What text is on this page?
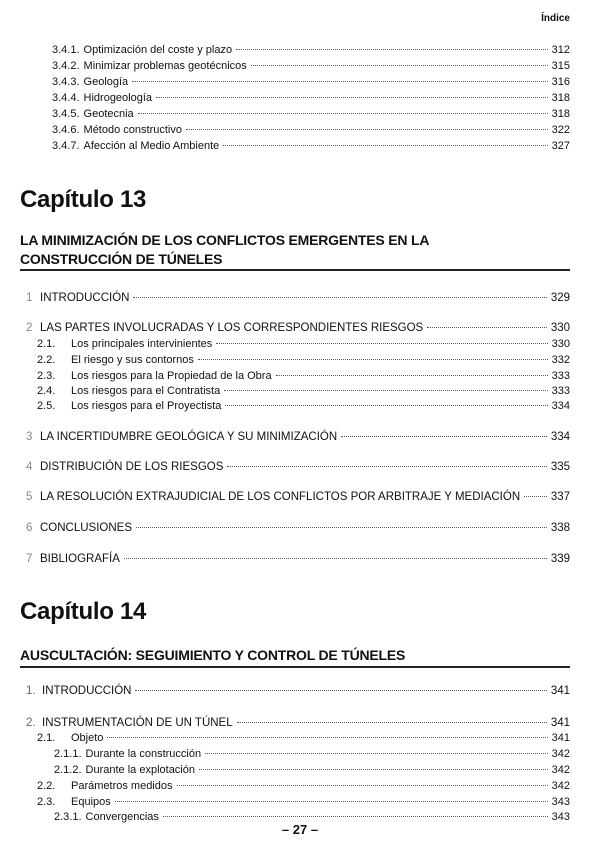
Índice
3.4.1. Optimización del coste y plazo	312
3.4.2. Minimizar problemas geotécnicos	315
3.4.3. Geología	316
3.4.4. Hidrogeología	318
3.4.5. Geotecnia	318
3.4.6. Método constructivo	322
3.4.7. Afección al Medio Ambiente	327
Capítulo 13
LA MINIMIZACIÓN DE LOS CONFLICTOS EMERGENTES EN LA
CONSTRUCCIÓN DE TÚNELES
1 INTRODUCCIÓN	329
2 LAS PARTES INVOLUCRADAS Y LOS CORRESPONDIENTES RIESGOS	330
2.1.	Los principales intervinientes	330
2.2.	El riesgo y sus contornos	332
2.3.	Los riesgos para la Propiedad de la Obra	333
2.4.	Los riesgos para el Contratista	333
2.5.	Los riesgos para el Proyectista	334
3 LA INCERTIDUMBRE GEOLÓGICA Y SU MINIMIZACIÓN	334
4 DISTRIBUCIÓN DE LOS RIESGOS	335
5 LA RESOLUCIÓN EXTRAJUDICIAL DE LOS CONFLICTOS POR ARBITRAJE Y MEDIACIÓN	337
6 CONCLUSIONES	338
7 BIBLIOGRAFÍA	339
Capítulo 14
AUSCULTACIÓN: SEGUIMIENTO Y CONTROL DE TÚNELES
1. INTRODUCCIÓN	341
2. INSTRUMENTACIÓN DE UN TÚNEL	341
2.1.	Objeto	341
2.1.1. Durante la construcción	342
2.1.2. Durante la explotación	342
2.2.	Parámetros medidos	342
2.3.	Equipos	343
2.3.1. Convergencias	343
– 27 –
